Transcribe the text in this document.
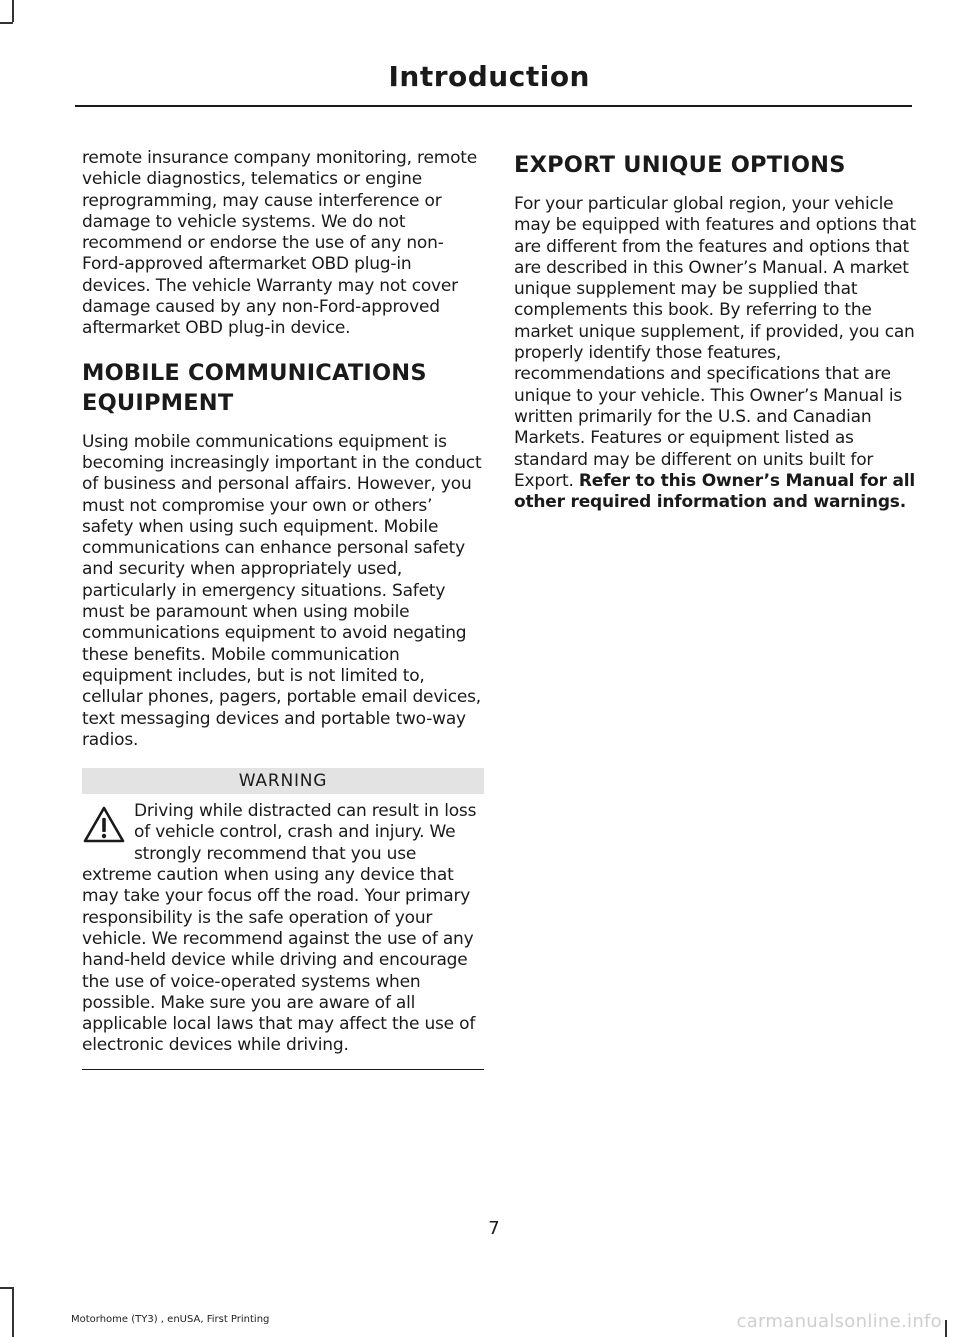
Introduction

remote insurance company monitoring, remote vehicle diagnostics, telematics or engine reprogramming, may cause interference or damage to vehicle systems. We do not recommend or endorse the use of any non-Ford-approved aftermarket OBD plug-in devices. The vehicle Warranty may not cover damage caused by any non-Ford-approved aftermarket OBD plug-in device.

MOBILE COMMUNICATIONS
EQUIPMENT

Using mobile communications equipment is becoming increasingly important in the conduct of business and personal affairs. However, you must not compromise your own or others’ safety when using such equipment. Mobile communications can enhance personal safety and security when appropriately used, particularly in emergency situations. Safety must be paramount when using mobile communications equipment to avoid negating these benefits. Mobile communication equipment includes, but is not limited to, cellular phones, pagers, portable email devices, text messaging devices and portable two-way radios.

WARNING
Driving while distracted can result in loss of vehicle control, crash and injury. We strongly recommend that you use extreme caution when using any device that may take your focus off the road. Your primary responsibility is the safe operation of your vehicle. We recommend against the use of any hand-held device while driving and encourage the use of voice-operated systems when possible. Make sure you are aware of all applicable local laws that may affect the use of electronic devices while driving.
EXPORT UNIQUE OPTIONS

For your particular global region, your vehicle may be equipped with features and options that are different from the features and options that are described in this Owner’s Manual. A market unique supplement may be supplied that complements this book. By referring to the market unique supplement, if provided, you can properly identify those features, recommendations and specifications that are unique to your vehicle. This Owner’s Manual is written primarily for the U.S. and Canadian Markets. Features or equipment listed as standard may be different on units built for Export. Refer to this Owner’s Manual for all other required information and warnings.

7

Motorhome (TY3) , enUSA, First Printing	carmanualsonline.info
